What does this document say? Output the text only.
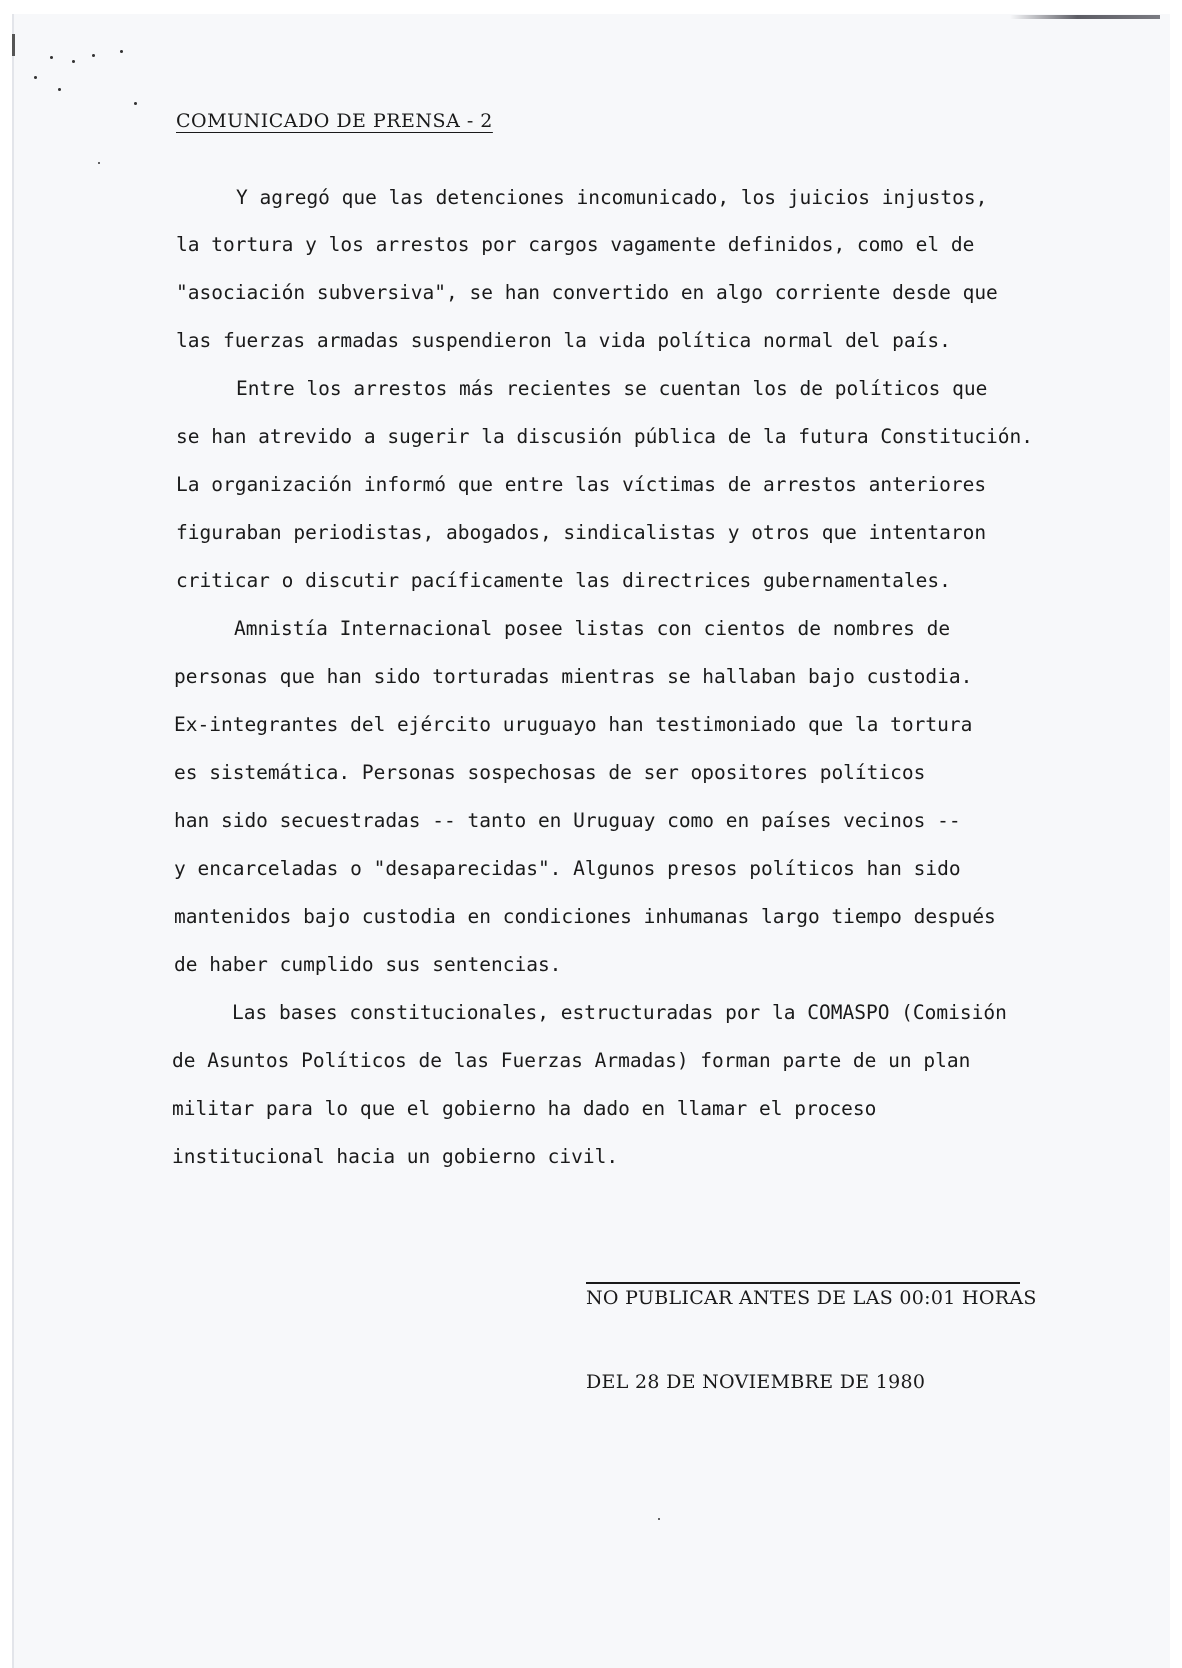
COMUNICADO DE PRENSA - 2
Y agregó que las detenciones incomunicado, los juicios injustos,
la tortura y los arrestos por cargos vagamente definidos, como el de
"asociación subversiva", se han convertido en algo corriente desde que
las fuerzas armadas suspendieron la vida política normal del país.
Entre los arrestos más recientes se cuentan los de políticos que
se han atrevido a sugerir la discusión pública de la futura Constitución.
La organización informó que entre las víctimas de arrestos anteriores
figuraban periodistas, abogados, sindicalistas y otros que intentaron
criticar o discutir pacíficamente las directrices gubernamentales.
Amnistía Internacional posee listas con cientos de nombres de
personas que han sido torturadas mientras se hallaban bajo custodia.
Ex-integrantes del ejército uruguayo han testimoniado que la tortura
es sistemática. Personas sospechosas de ser opositores políticos
han sido secuestradas -- tanto en Uruguay como en países vecinos --
y encarceladas o "desaparecidas". Algunos presos políticos han sido
mantenidos bajo custodia en condiciones inhumanas largo tiempo después
de haber cumplido sus sentencias.
Las bases constitucionales, estructuradas por la COMASPO (Comisión
de Asuntos Políticos de las Fuerzas Armadas) forman parte de un plan
militar para lo que el gobierno ha dado en llamar el proceso
institucional hacia un gobierno civil.

NO PUBLICAR ANTES DE LAS 00:01 HORAS

DEL 28 DE NOVIEMBRE DE 1980
